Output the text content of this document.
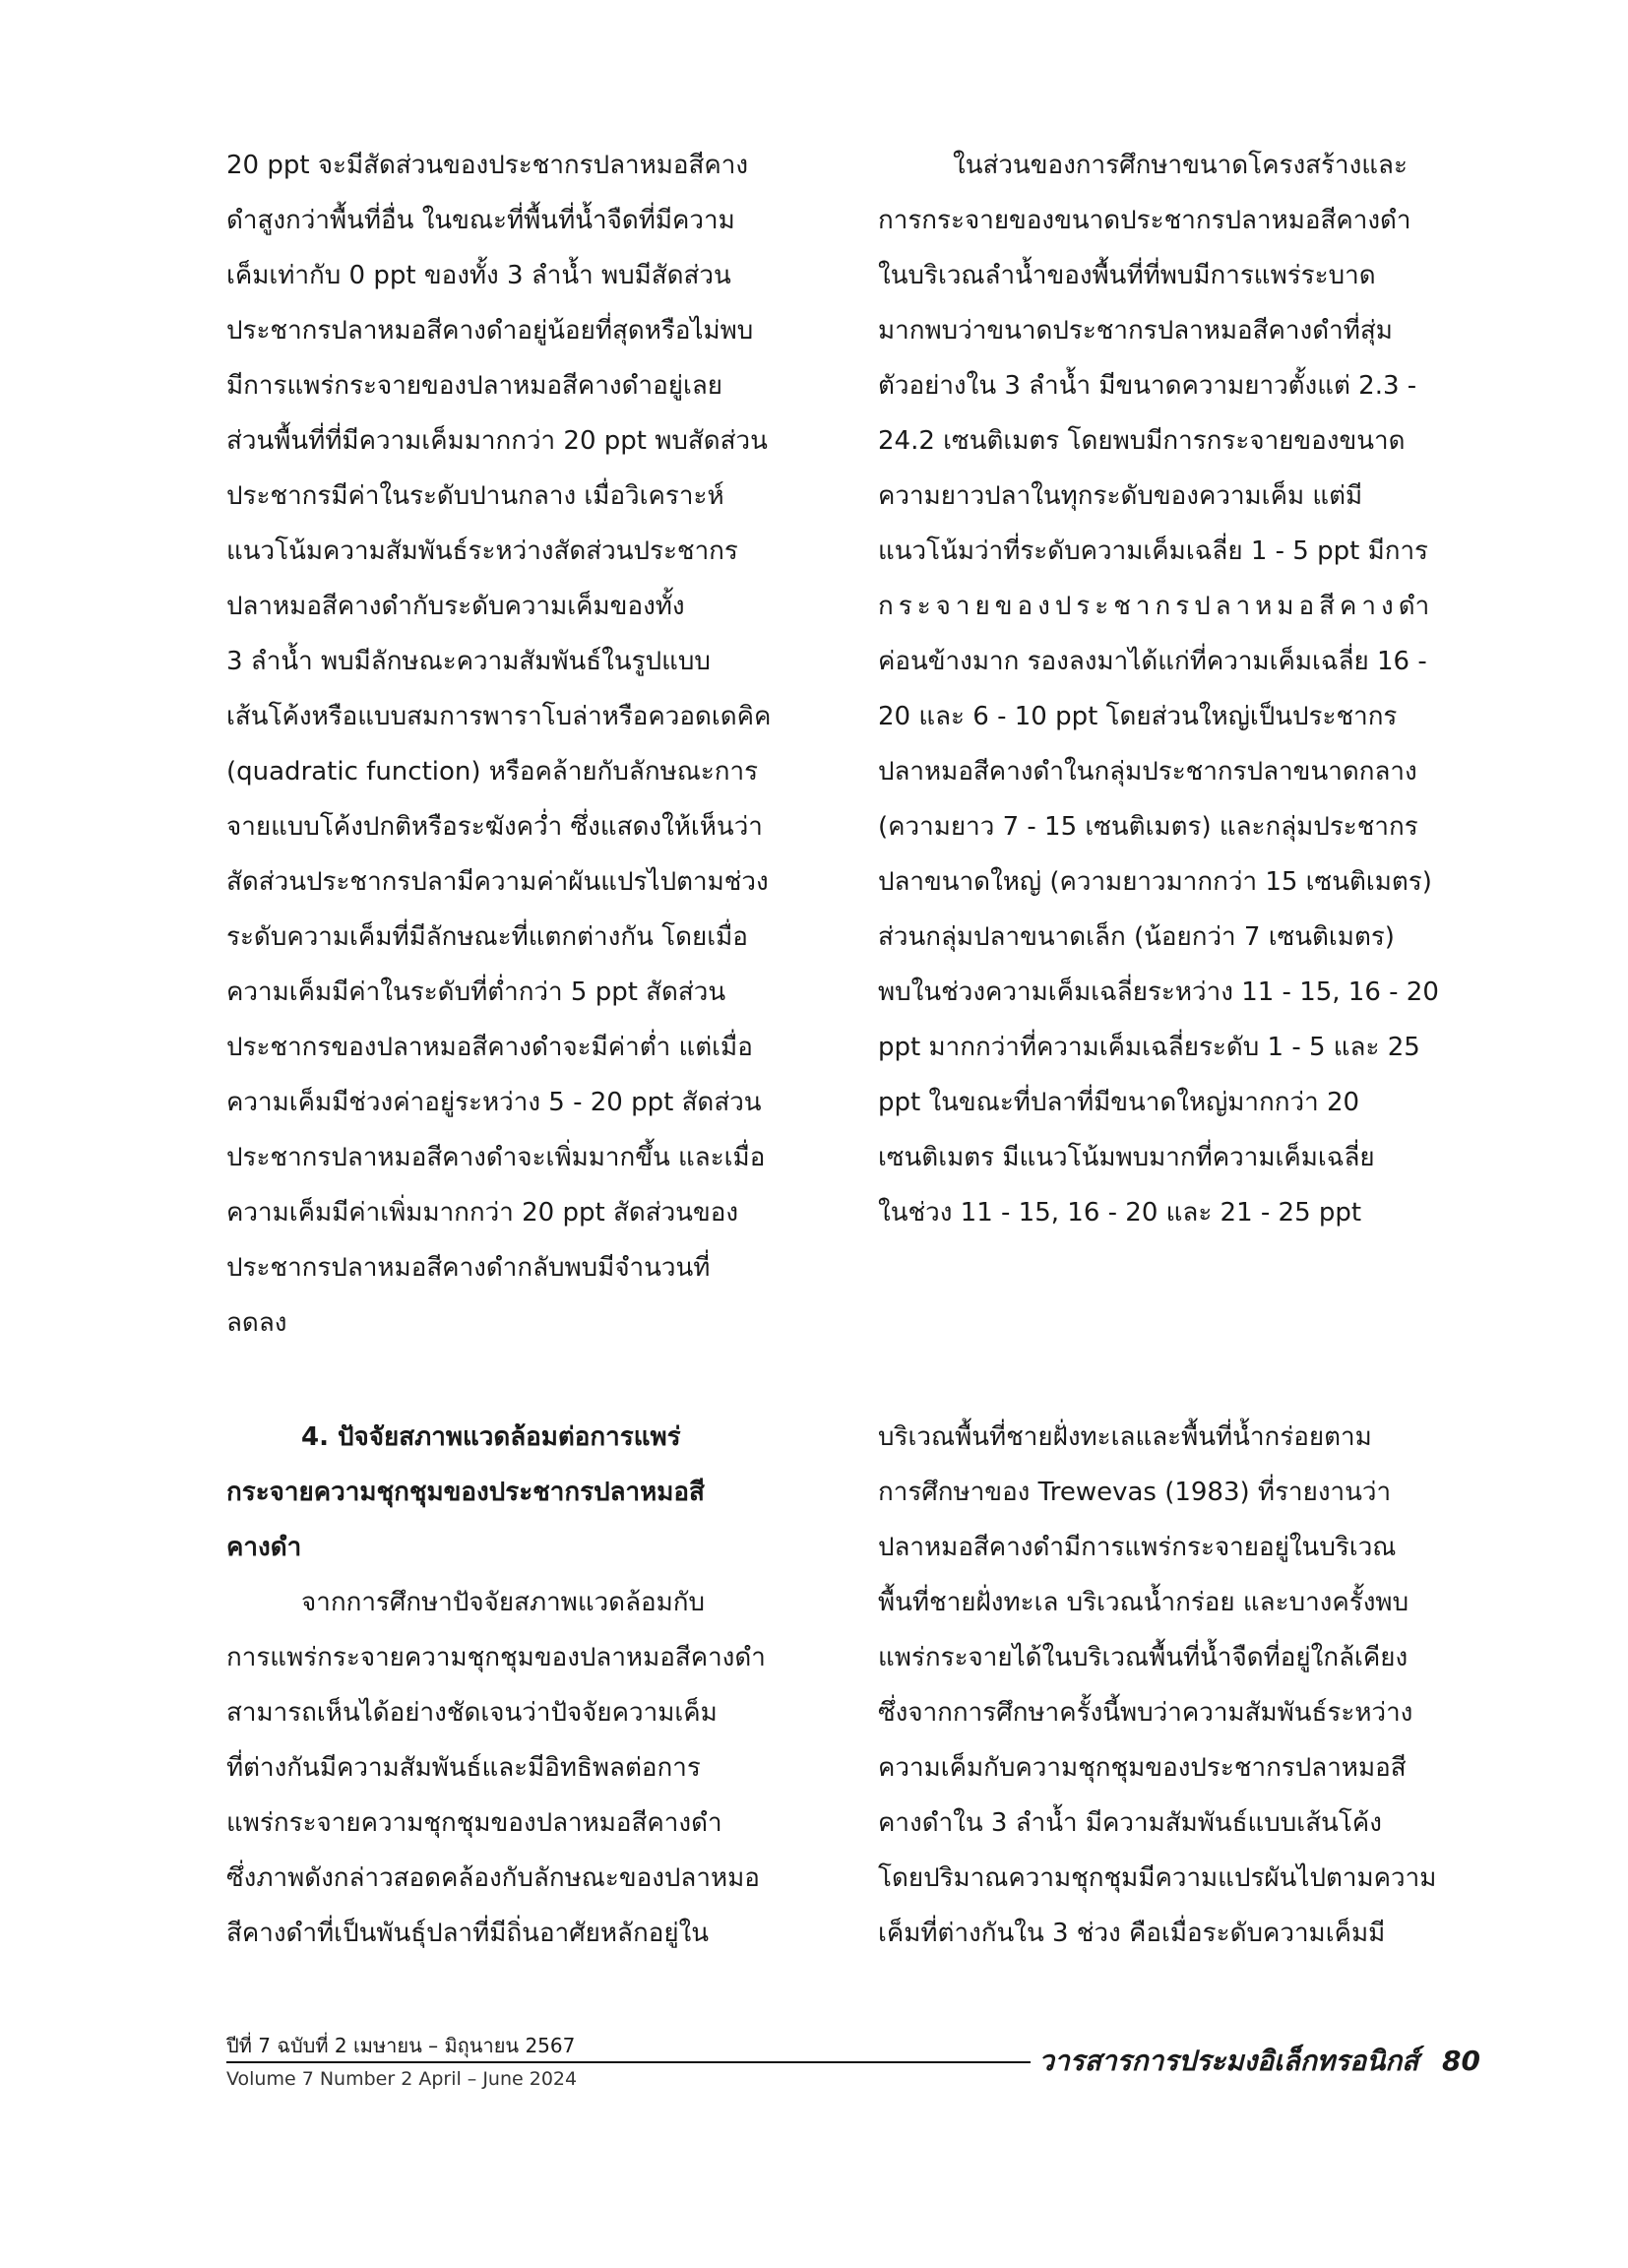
20 ppt จะมีสัดส่วนของประชากรปลาหมอสีคาง
ดำสูงกว่าพื้นที่อื่น ในขณะที่พื้นที่น้ำจืดที่มีความ
เค็มเท่ากับ 0 ppt ของทั้ง 3 ลำน้ำ พบมีสัดส่วน
ประชากรปลาหมอสีคางดำอยู่น้อยที่สุดหรือไม่พบ
มีการแพร่กระจายของปลาหมอสีคางดำอยู่เลย
ส่วนพื้นที่ที่มีความเค็มมากกว่า 20 ppt พบสัดส่วน
ประชากรมีค่าในระดับปานกลาง เมื่อวิเคราะห์
แนวโน้มความสัมพันธ์ระหว่างสัดส่วนประชากร
ปลาหมอสีคางดำกับระดับความเค็มของทั้ง
3 ลำน้ำ พบมีลักษณะความสัมพันธ์ในรูปแบบ
เส้นโค้งหรือแบบสมการพาราโบล่าหรือควอดเดคิค
(quadratic function) หรือคล้ายกับลักษณะการ
จายแบบโค้งปกติหรือระฆังคว่ำ ซึ่งแสดงให้เห็นว่า
สัดส่วนประชากรปลามีความค่าผันแปรไปตามช่วง
ระดับความเค็มที่มีลักษณะที่แตกต่างกัน โดยเมื่อ
ความเค็มมีค่าในระดับที่ต่ำกว่า 5 ppt สัดส่วน
ประชากรของปลาหมอสีคางดำจะมีค่าต่ำ แต่เมื่อ
ความเค็มมีช่วงค่าอยู่ระหว่าง 5 - 20 ppt สัดส่วน
ประชากรปลาหมอสีคางดำจะเพิ่มมากขึ้น และเมื่อ
ความเค็มมีค่าเพิ่มมากกว่า 20 ppt สัดส่วนของ
ประชากรปลาหมอสีคางดำกลับพบมีจำนวนที่
ลดลง
ในส่วนของการศึกษาขนาดโครงสร้างและ
การกระจายของขนาดประชากรปลาหมอสีคางดำ
ในบริเวณลำน้ำของพื้นที่ที่พบมีการแพร่ระบาด
มากพบว่าขนาดประชากรปลาหมอสีคางดำที่สุ่ม
ตัวอย่างใน 3 ลำน้ำ มีขนาดความยาวตั้งแต่ 2.3 -
24.2 เซนติเมตร โดยพบมีการกระจายของขนาด
ความยาวปลาในทุกระดับของความเค็ม แต่มี
แนวโน้มว่าที่ระดับความเค็มเฉลี่ย 1 - 5 ppt มีการ
กระจายของประชากรปลาหมอสีคางดำ
ค่อนข้างมาก รองลงมาได้แก่ที่ความเค็มเฉลี่ย 16 -
20 และ 6 - 10 ppt โดยส่วนใหญ่เป็นประชากร
ปลาหมอสีคางดำในกลุ่มประชากรปลาขนาดกลาง
(ความยาว 7 - 15 เซนติเมตร) และกลุ่มประชากร
ปลาขนาดใหญ่ (ความยาวมากกว่า 15 เซนติเมตร)
ส่วนกลุ่มปลาขนาดเล็ก (น้อยกว่า 7 เซนติเมตร)
พบในช่วงความเค็มเฉลี่ยระหว่าง 11 - 15, 16 - 20
ppt มากกว่าที่ความเค็มเฉลี่ยระดับ 1 - 5 และ 25
ppt ในขณะที่ปลาที่มีขนาดใหญ่มากกว่า 20
เซนติเมตร มีแนวโน้มพบมากที่ความเค็มเฉลี่ย
ในช่วง 11 - 15, 16 - 20 และ 21 - 25 ppt
4. ปัจจัยสภาพแวดล้อมต่อการแพร่
กระจายความชุกชุมของประชากรปลาหมอสี
คางดำ
จากการศึกษาปัจจัยสภาพแวดล้อมกับ
การแพร่กระจายความชุกชุมของปลาหมอสีคางดำ
สามารถเห็นได้อย่างชัดเจนว่าปัจจัยความเค็ม
ที่ต่างกันมีความสัมพันธ์และมีอิทธิพลต่อการ
แพร่กระจายความชุกชุมของปลาหมอสีคางดำ
ซึ่งภาพดังกล่าวสอดคล้องกับลักษณะของปลาหมอ
สีคางดำที่เป็นพันธุ์ปลาที่มีถิ่นอาศัยหลักอยู่ใน
บริเวณพื้นที่ชายฝั่งทะเลและพื้นที่น้ำกร่อยตาม
การศึกษาของ Trewevas (1983) ที่รายงานว่า
ปลาหมอสีคางดำมีการแพร่กระจายอยู่ในบริเวณ
พื้นที่ชายฝั่งทะเล บริเวณน้ำกร่อย และบางครั้งพบ
แพร่กระจายได้ในบริเวณพื้นที่น้ำจืดที่อยู่ใกล้เคียง
ซึ่งจากการศึกษาครั้งนี้พบว่าความสัมพันธ์ระหว่าง
ความเค็มกับความชุกชุมของประชากรปลาหมอสี
คางดำใน 3 ลำน้ำ มีความสัมพันธ์แบบเส้นโค้ง
โดยปริมาณความชุกชุมมีความแปรผันไปตามความ
เค็มที่ต่างกันใน 3 ช่วง คือเมื่อระดับความเค็มมี
ปีที่ 7 ฉบับที่ 2 เมษายน – มิถุนายน 2567
Volume 7 Number 2 April – June 2024
วารสารการประมงอิเล็กทรอนิกส์ 80
